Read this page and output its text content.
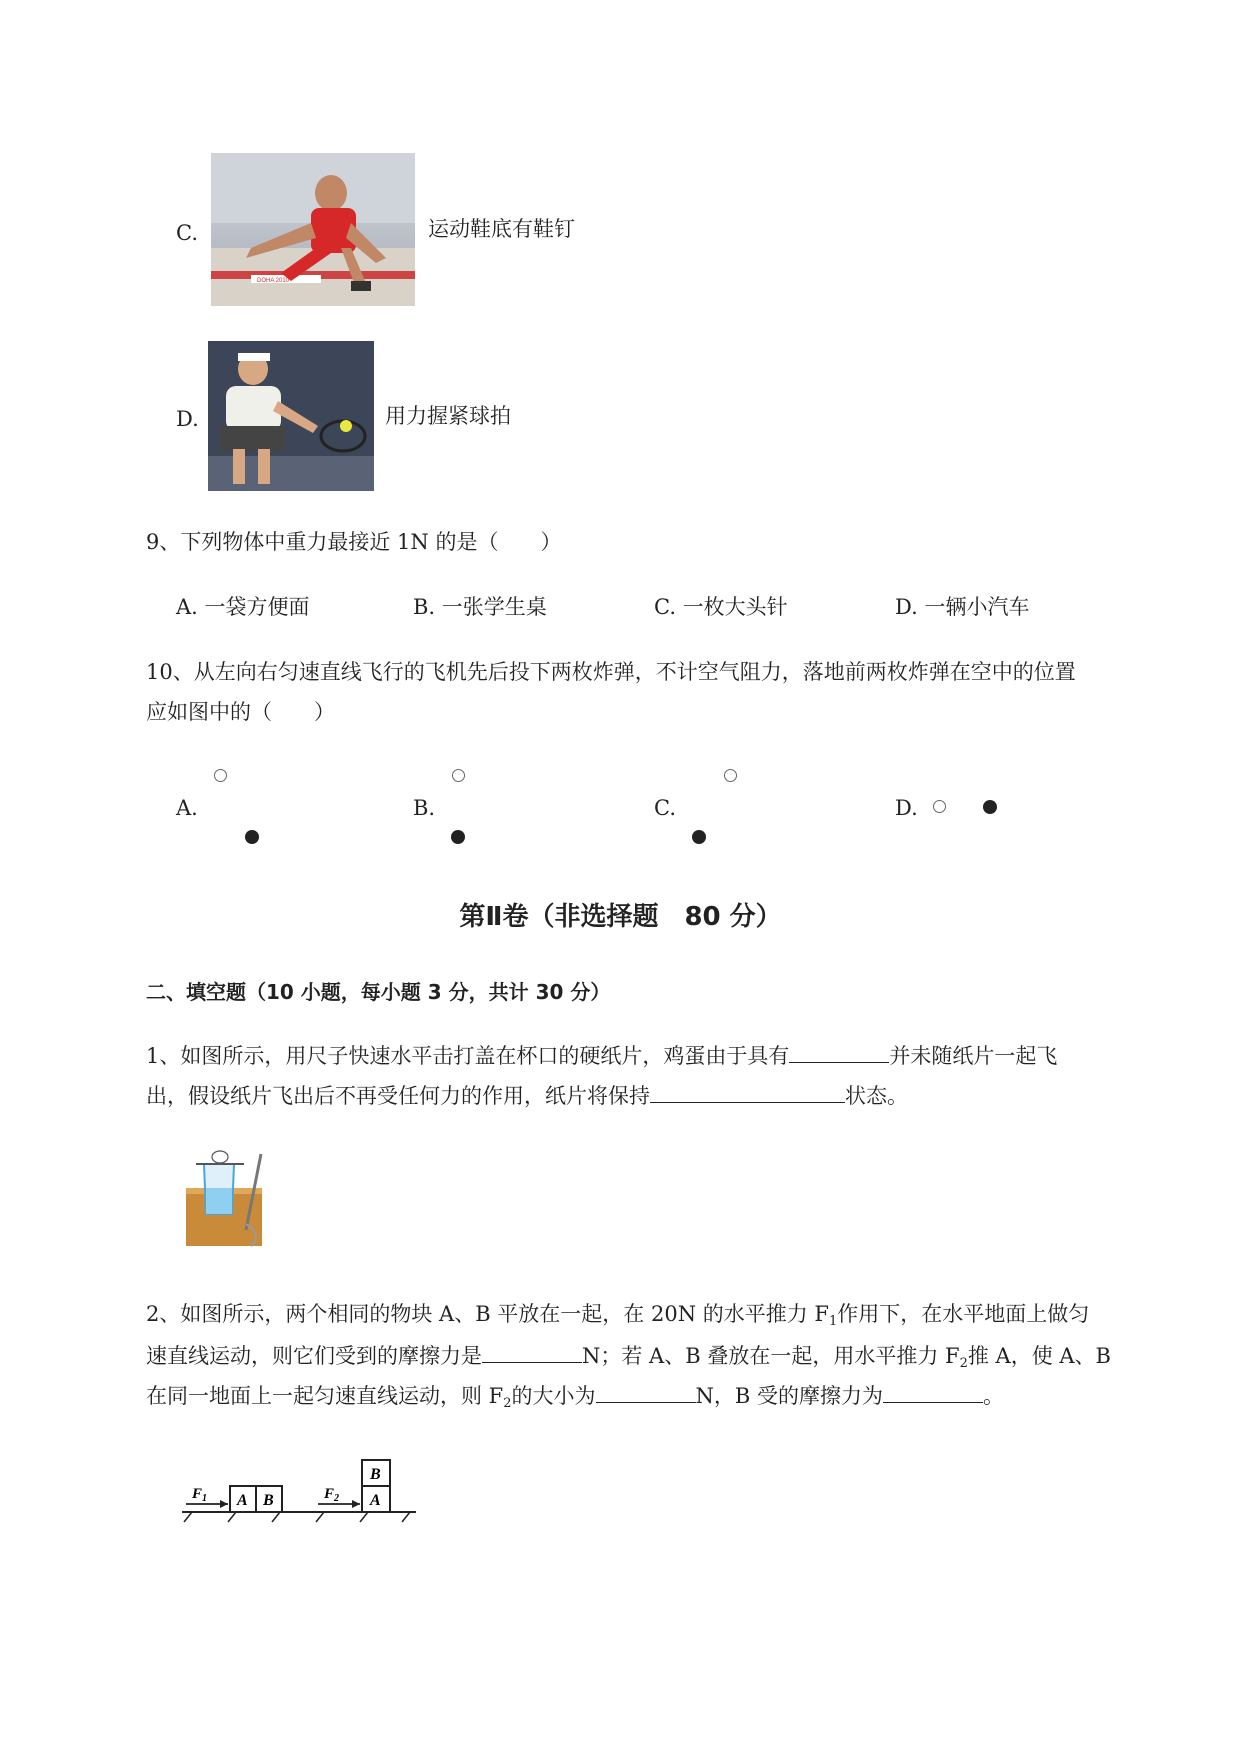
C.
DOHA 2010
运动鞋底有鞋钉
D.	用力握紧球拍
9、下列物体中重力最接近 1N 的是（　　）
A. 一袋方便面	B. 一张学生桌	C. 一枚大头针	D. 一辆小汽车
10、从左向右匀速直线飞行的飞机先后投下两枚炸弹，不计空气阻力，落地前两枚炸弹在空中的位置
应如图中的（　　）
A.	B.	C.	D.
第Ⅱ卷（非选择题　80 分）
二、填空题（10 小题，每小题 3 分，共计 30 分）
1、如图所示，用尺子快速水平击打盖在杯口的硬纸片，鸡蛋由于具有	并未随纸片一起飞
出，假设纸片飞出后不再受任何力的作用，纸片将保持	状态。
2、如图所示，两个相同的物块 A、B 平放在一起，在 20N 的水平推力 $F_1$作用下，在水平地面上做匀
速直线运动，则它们受到的摩擦力是	N；若 A、B 叠放在一起，用水平推力 $F_2$推 A，使 A、B
在同一地面上一起匀速直线运动，则 $F_2$的大小为	N，B 受的摩擦力为	。
$F_1$ A B	$F_2$
B
A
